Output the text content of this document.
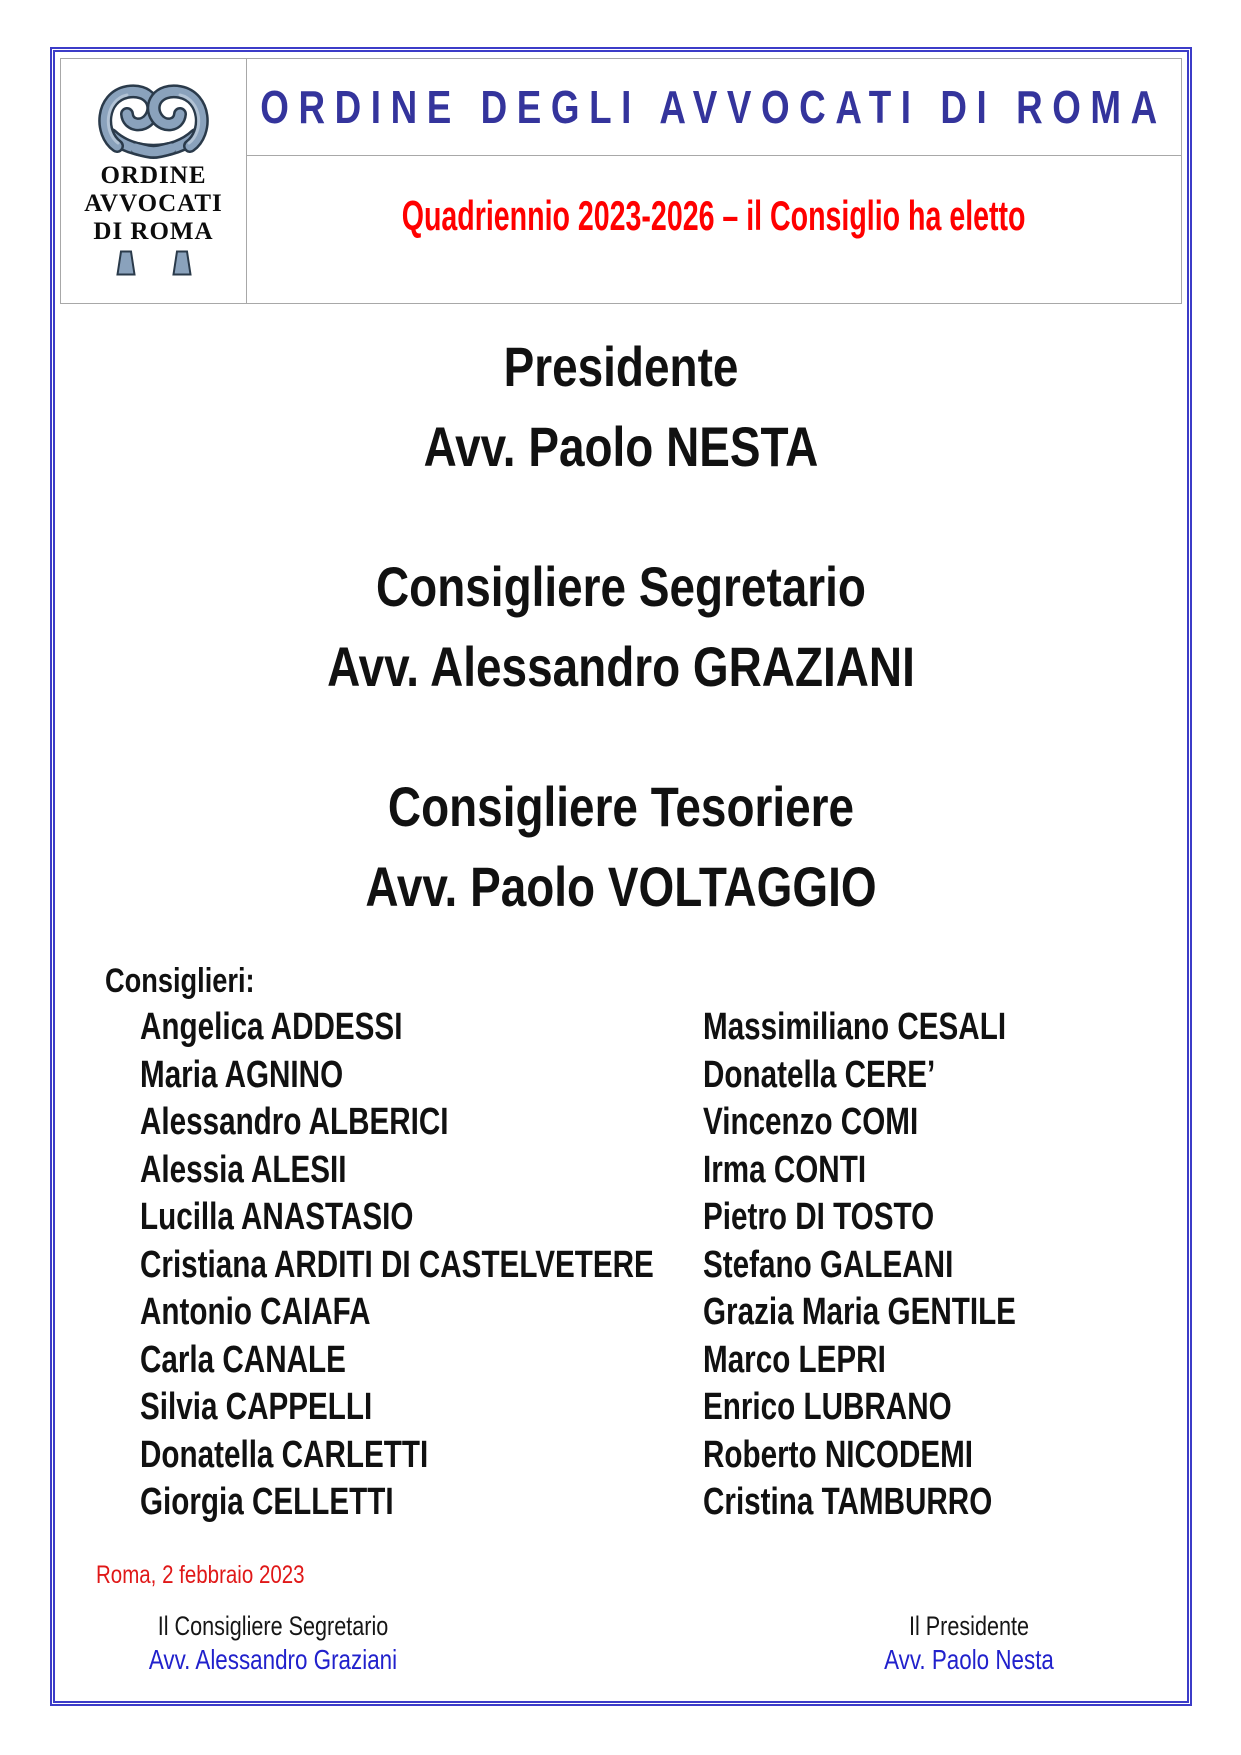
ORDINE
AVVOCATI
DI ROMA
ORDINE DEGLI AVVOCATI DI ROMA
Quadriennio 2023-2026 – il Consiglio ha eletto
Presidente
Avv. Paolo NESTA
Consigliere Segretario
Avv. Alessandro GRAZIANI
Consigliere Tesoriere
Avv. Paolo VOLTAGGIO
Consiglieri:
Angelica ADDESSI
Maria AGNINO
Alessandro ALBERICI
Alessia ALESII
Lucilla ANASTASIO
Cristiana ARDITI DI CASTELVETERE
Antonio CAIAFA
Carla CANALE
Silvia CAPPELLI
Donatella CARLETTI
Giorgia CELLETTI
Massimiliano CESALI
Donatella CERE’
Vincenzo COMI
Irma CONTI
Pietro DI TOSTO
Stefano GALEANI
Grazia Maria GENTILE
Marco LEPRI
Enrico LUBRANO
Roberto NICODEMI
Cristina TAMBURRO
Roma, 2 febbraio 2023
Il Consigliere Segretario
Avv. Alessandro Graziani
Il Presidente
Avv. Paolo Nesta
